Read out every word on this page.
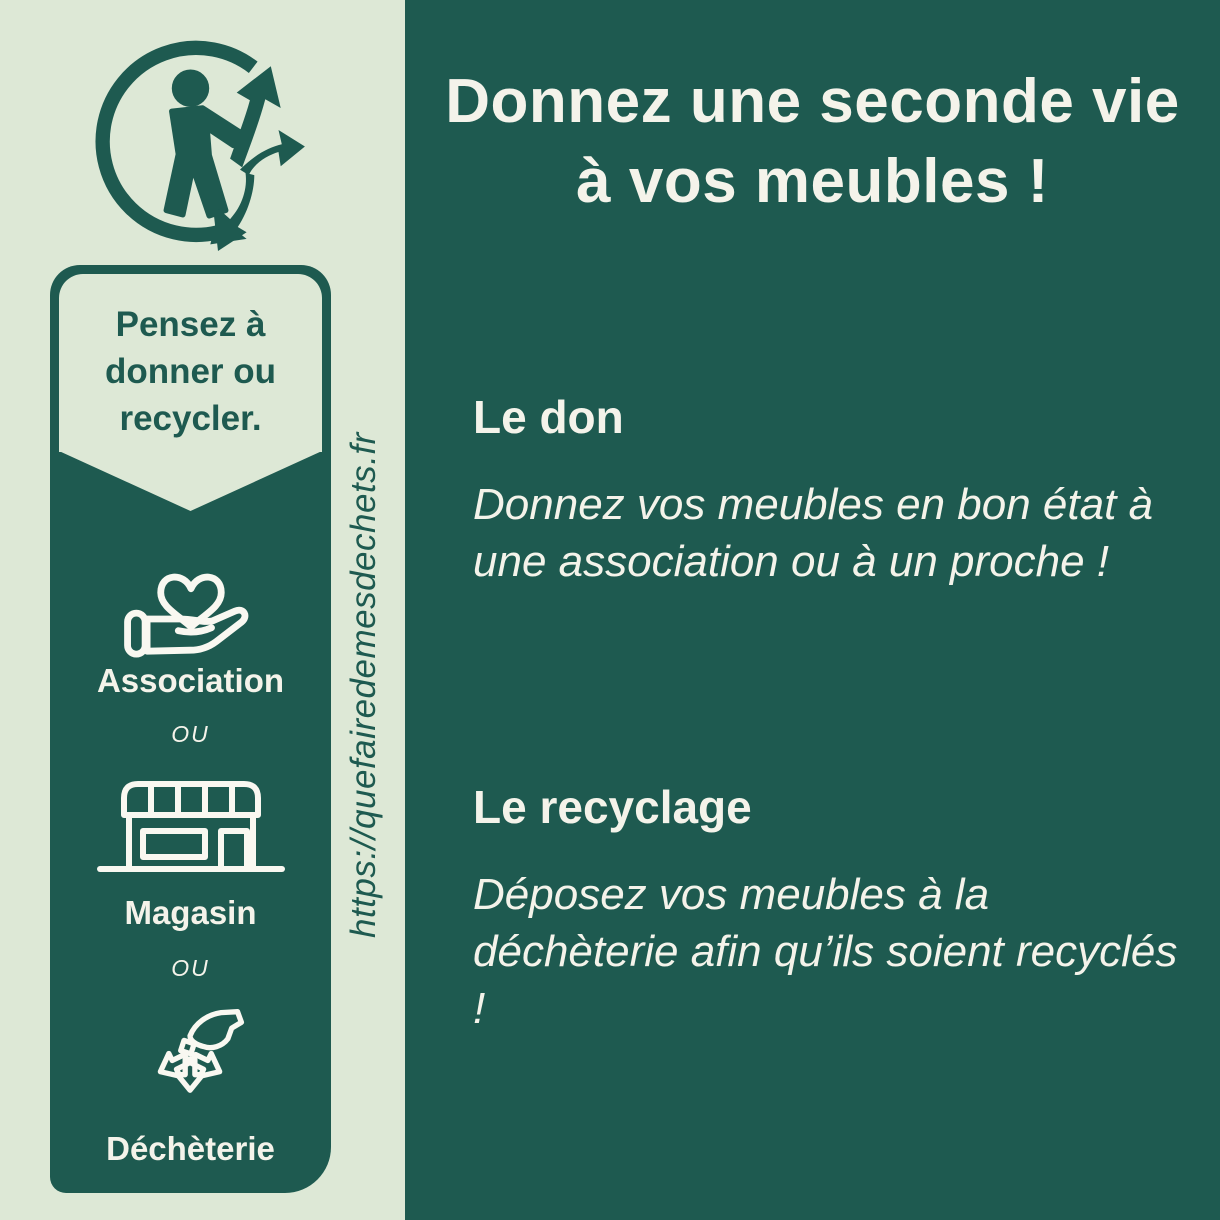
Pensez à
donner ou
recycler.
Association
OU
Magasin
OU
Déchèterie
https://quefairedemesdechets.fr
Donnez une seconde vie
à vos meubles !
Le don

Donnez vos meubles en bon état à une association ou à un proche !

Le recyclage

Déposez vos meubles à la déchèterie afin qu’ils soient recyclés !
